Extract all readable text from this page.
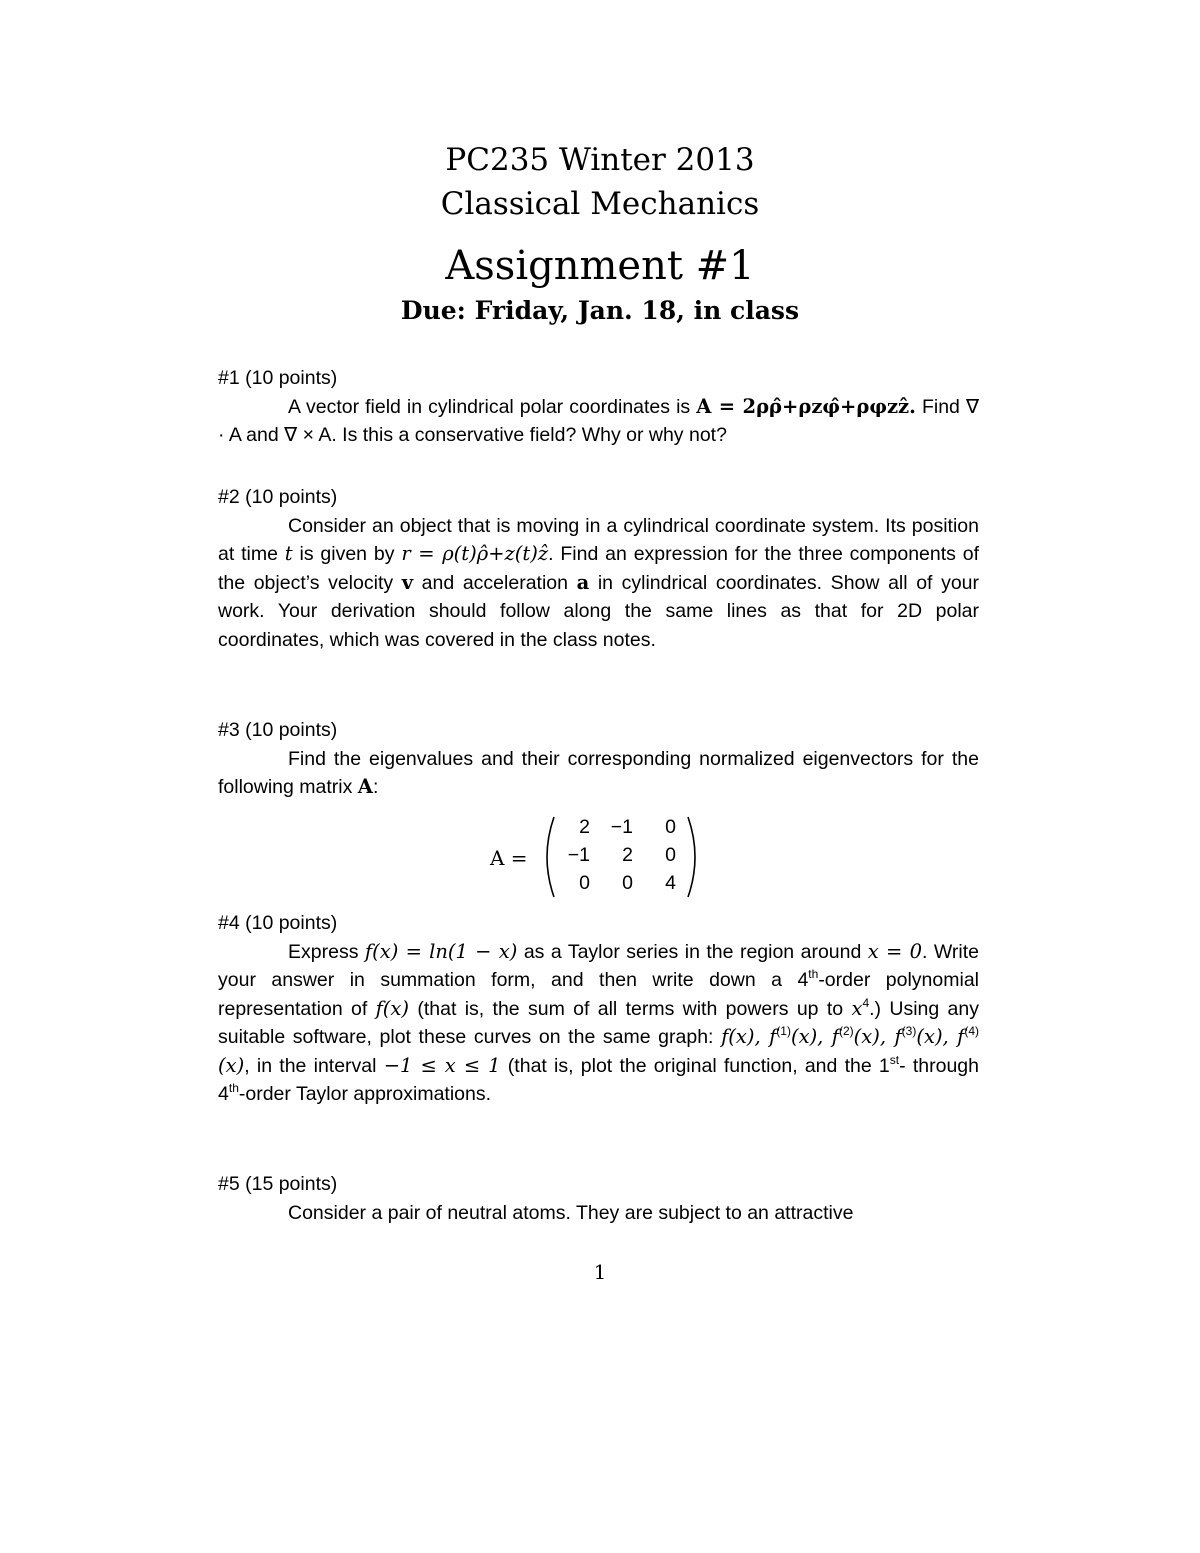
PC235 Winter 2013
Classical Mechanics
Assignment #1
Due: Friday, Jan. 18, in class
#1 (10 points)
A vector field in cylindrical polar coordinates is A = 2ρρ̂+ρzφ̂+ρφzẑ. Find ∇ · A and ∇ × A. Is this a conservative field? Why or why not?
#2 (10 points)
Consider an object that is moving in a cylindrical coordinate system. Its position at time t is given by r = ρ(t)ρ̂+z(t)ẑ. Find an expression for the three components of the object’s velocity v and acceleration a in cylindrical coordinates. Show all of your work. Your derivation should follow along the same lines as that for 2D polar coordinates, which was covered in the class notes.
#3 (10 points)
Find the eigenvalues and their corresponding normalized eigenvectors for the following matrix A:
A =
2	−1	0
−1	2	0
0	0	4
#4 (10 points)
Express f(x) = ln(1 − x) as a Taylor series in the region around x = 0. Write your answer in summation form, and then write down a 4th-order polynomial representation of f(x) (that is, the sum of all terms with powers up to $x^4$.) Using any suitable software, plot these curves on the same graph: f(x), $f^{(1)}(x)$, $f^{(2)}(x)$, $f^{(3)}(x)$, $f^{(4)}(x)$, in the interval −1 ≤ x ≤ 1 (that is, plot the original function, and the 1st- through 4th-order Taylor approximations.
#5 (15 points)
Consider a pair of neutral atoms. They are subject to an attractive
1
